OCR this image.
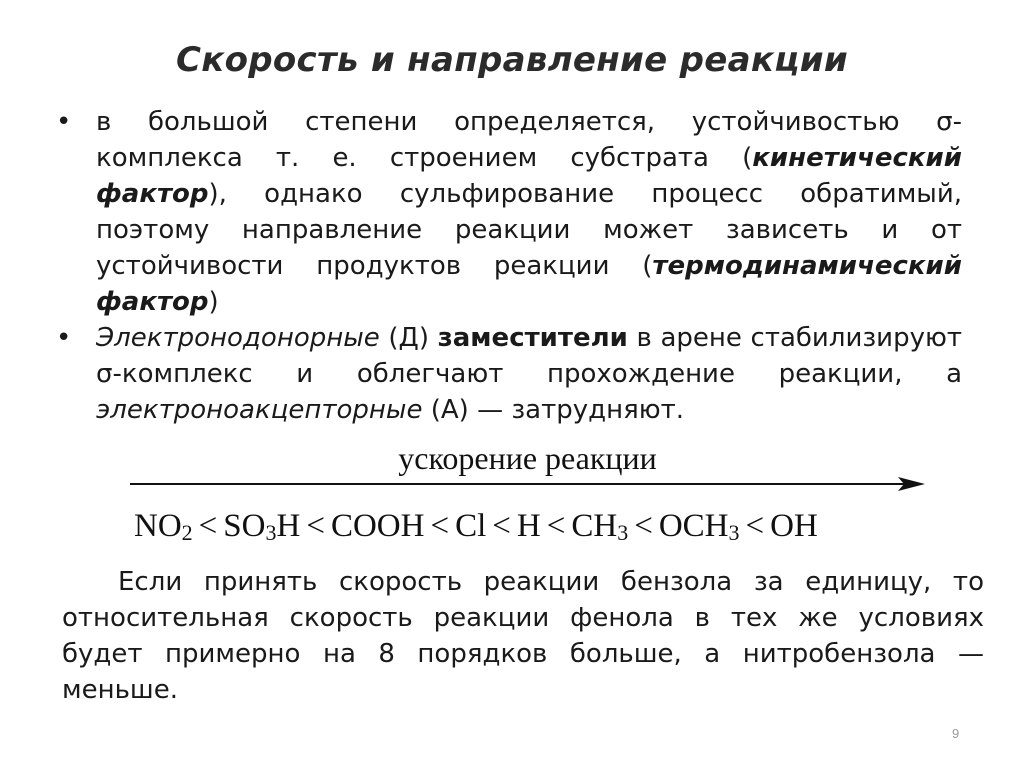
Скорость и направление реакции
• в большой степени определяется, устойчивостью σ-комплекса т. е. строением субстрата (кинетический фактор), однако сульфирование процесс обратимый, поэтому направление реакции может зависеть и от устойчивости продуктов реакции (термодинамический фактор)
• Электронодонорные (Д) заместители в арене стабилизируют σ-комплекс и облегчают прохождение реакции, а электроноакцепторные (А) — затрудняют.
ускорение реакции
$NO_2 < SO_3H$ < COOH < $Cl < H < CH_3 < OCH_3$ < OH
Если принять скорость реакции бензола за единицу, то относительная скорость реакции фенола в тех же условиях будет примерно на 8 порядков больше, а нитробензола — меньше.
9
